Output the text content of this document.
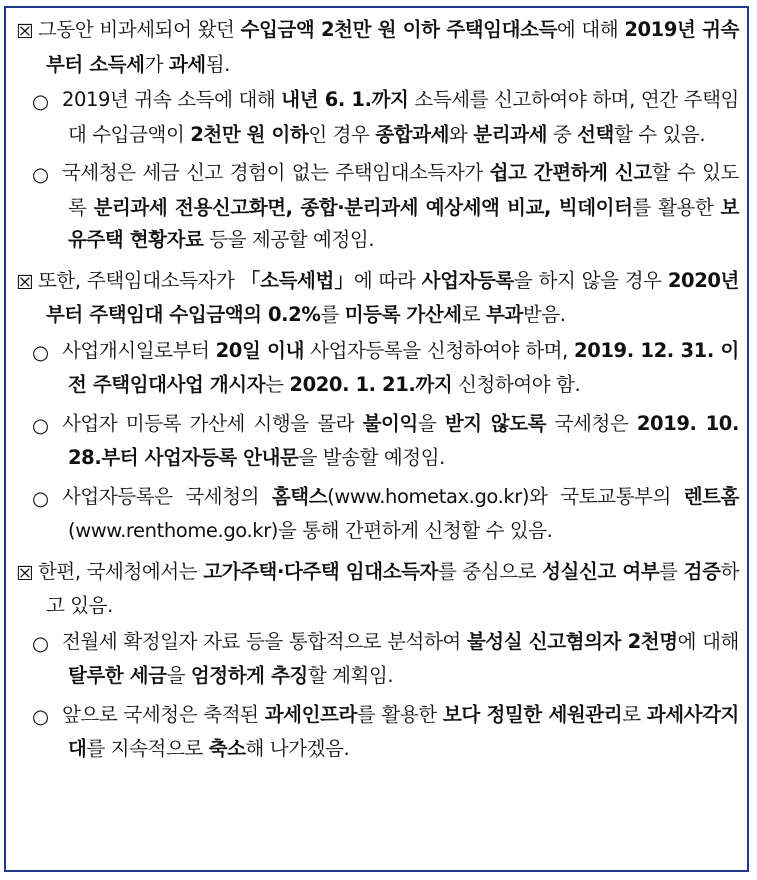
☒ 그동안 비과세되어 왔던 수입금액 2천만 원 이하 주택임대소득에 대해 2019년 귀속부터 소득세가 과세됨.
○ 2019년 귀속 소득에 대해 내년 6. 1.까지 소득세를 신고하여야 하며, 연간 주택임대 수입금액이 2천만 원 이하인 경우 종합과세와 분리과세 중 선택할 수 있음.
○ 국세청은 세금 신고 경험이 없는 주택임대소득자가 쉽고 간편하게 신고할 수 있도록 분리과세 전용신고화면, 종합·분리과세 예상세액 비교, 빅데이터를 활용한 보유주택 현황자료 등을 제공할 예정임.
☒ 또한, 주택임대소득자가 「소득세법」에 따라 사업자등록을 하지 않을 경우 2020년부터 주택임대 수입금액의 0.2%를 미등록 가산세로 부과받음.
○ 사업개시일로부터 20일 이내 사업자등록을 신청하여야 하며, 2019. 12. 31. 이전 주택임대사업 개시자는 2020. 1. 21.까지 신청하여야 함.
○ 사업자 미등록 가산세 시행을 몰라 불이익을 받지 않도록 국세청은 2019. 10. 28.부터 사업자등록 안내문을 발송할 예정임.
○ 사업자등록은 국세청의 홈택스(www.hometax.go.kr)와 국토교통부의 렌트홈(www.renthome.go.kr)을 통해 간편하게 신청할 수 있음.
☒ 한편, 국세청에서는 고가주택·다주택 임대소득자를 중심으로 성실신고 여부를 검증하고 있음.
○ 전월세 확정일자 자료 등을 통합적으로 분석하여 불성실 신고혐의자 2천명에 대해 탈루한 세금을 엄정하게 추징할 계획임.
○ 앞으로 국세청은 축적된 과세인프라를 활용한 보다 정밀한 세원관리로 과세사각지대를 지속적으로 축소해 나가겠음.
